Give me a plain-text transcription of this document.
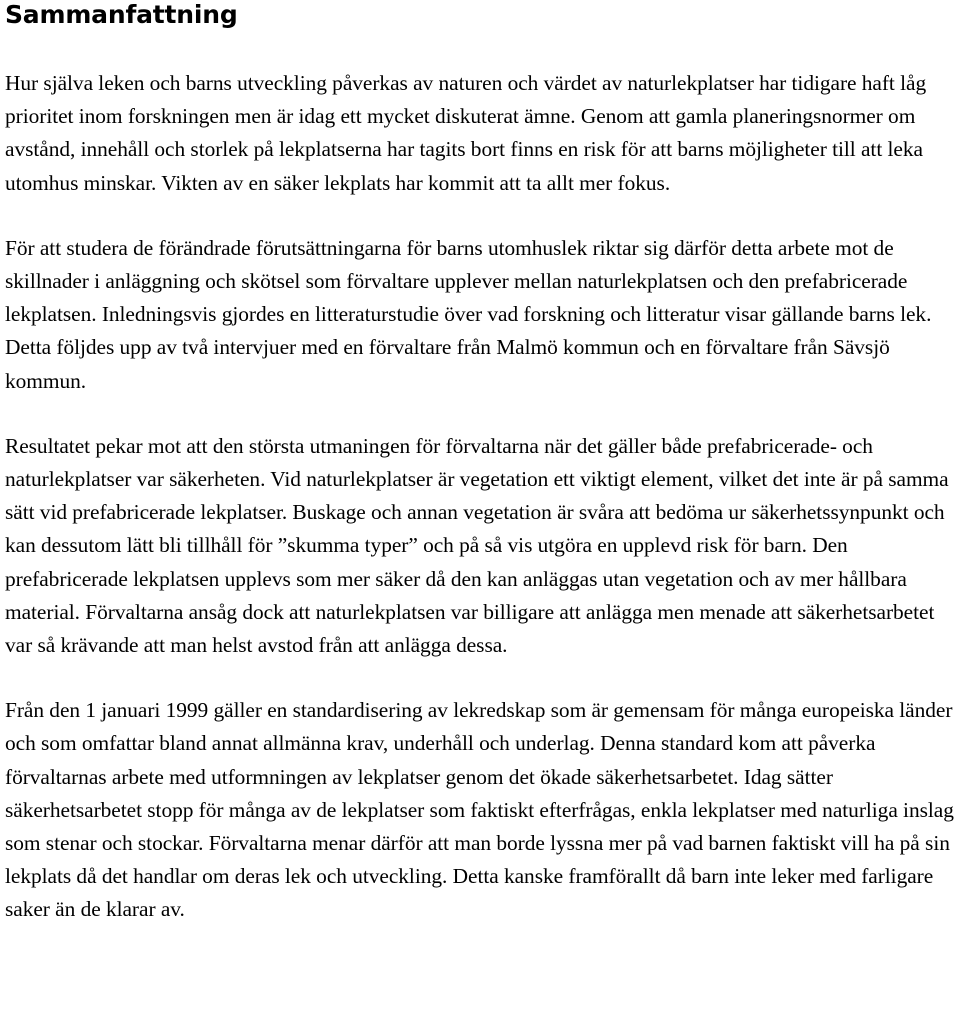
Sammanfattning

Hur själva leken och barns utveckling påverkas av naturen och värdet av naturlekplatser har tidigare haft låg prioritet inom forskningen men är idag ett mycket diskuterat ämne. Genom att gamla planeringsnormer om avstånd, innehåll och storlek på lekplatserna har tagits bort finns en risk för att barns möjligheter till att leka utomhus minskar. Vikten av en säker lekplats har kommit att ta allt mer fokus.

För att studera de förändrade förutsättningarna för barns utomhuslek riktar sig därför detta arbete mot de skillnader i anläggning och skötsel som förvaltare upplever mellan naturlekplatsen och den prefabricerade lekplatsen. Inledningsvis gjordes en litteraturstudie över vad forskning och litteratur visar gällande barns lek. Detta följdes upp av två intervjuer med en förvaltare från Malmö kommun och en förvaltare från Sävsjö kommun.

Resultatet pekar mot att den största utmaningen för förvaltarna när det gäller både prefabricerade- och naturlekplatser var säkerheten. Vid naturlekplatser är vegetation ett viktigt element, vilket det inte är på samma sätt vid prefabricerade lekplatser. Buskage och annan vegetation är svåra att bedöma ur säkerhetssynpunkt och kan dessutom lätt bli tillhåll för ”skumma typer” och på så vis utgöra en upplevd risk för barn. Den prefabricerade lekplatsen upplevs som mer säker då den kan anläggas utan vegetation och av mer hållbara material. Förvaltarna ansåg dock att naturlekplatsen var billigare att anlägga men menade att säkerhetsarbetet var så krävande att man helst avstod från att anlägga dessa.

Från den 1 januari 1999 gäller en standardisering av lekredskap som är gemensam för många europeiska länder och som omfattar bland annat allmänna krav, underhåll och underlag. Denna standard kom att påverka förvaltarnas arbete med utformningen av lekplatser genom det ökade säkerhetsarbetet. Idag sätter säkerhetsarbetet stopp för många av de lekplatser som faktiskt efterfrågas, enkla lekplatser med naturliga inslag som stenar och stockar. Förvaltarna menar därför att man borde lyssna mer på vad barnen faktiskt vill ha på sin lekplats då det handlar om deras lek och utveckling. Detta kanske framförallt då barn inte leker med farligare saker än de klarar av.
